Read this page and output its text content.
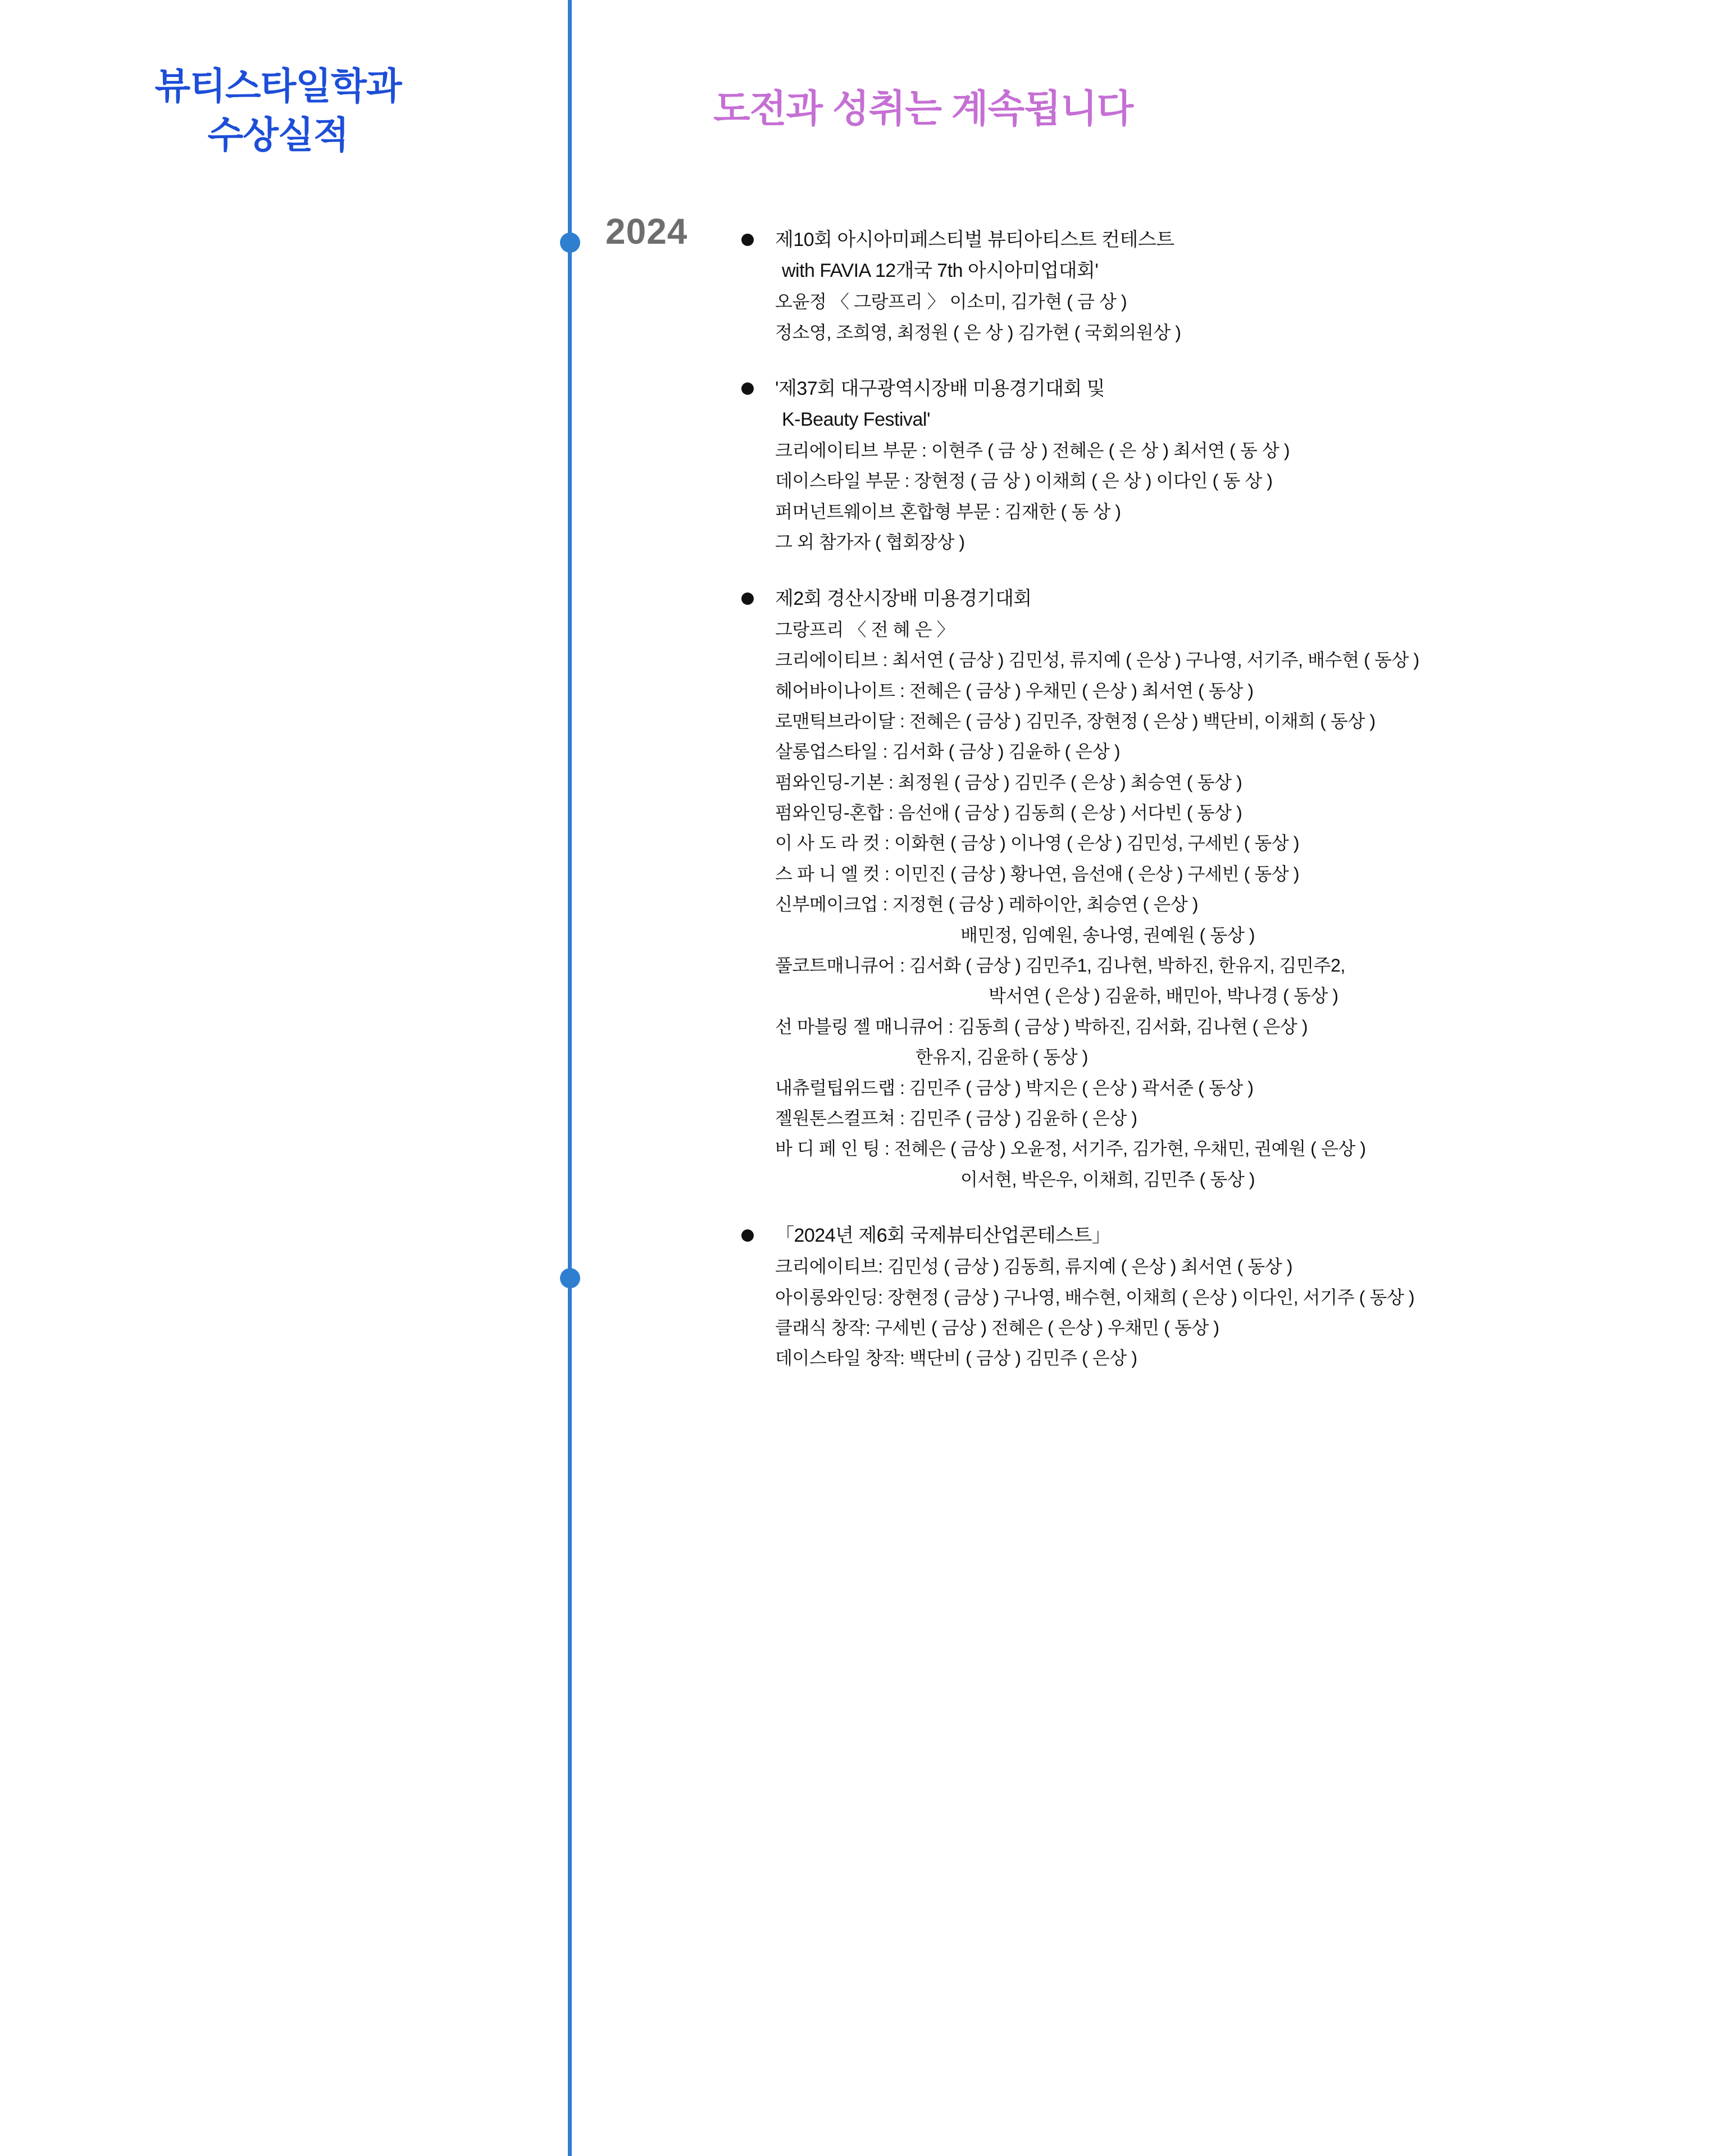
뷰티스타일학과
수상실적
도전과 성취는 계속됩니다
2024	제10회 아시아미페스티벌 뷰티아티스트 컨테스트
with FAVIA 12개국 7th 아시아미업대회'
오윤정 〈 그랑프리 〉 이소미, 김가현 ( 금 상 )
정소영, 조희영, 최정원 ( 은 상 ) 김가현 ( 국회의원상 )
'제37회 대구광역시장배 미용경기대회 및
K-Beauty Festival'
크리에이티브 부문 : 이현주 ( 금 상 ) 전혜은 ( 은 상 ) 최서연 ( 동 상 )
데이스타일 부문 : 장현정 ( 금 상 ) 이채희 ( 은 상 ) 이다인 ( 동 상 )
퍼머넌트웨이브 혼합형 부문 : 김재한 ( 동 상 )
그 외 참가자 ( 협회장상 )
제2회 경산시장배 미용경기대회
그랑프리 〈 전 혜 은 〉
크리에이티브 : 최서연 ( 금상 ) 김민성, 류지예 ( 은상 ) 구나영, 서기주, 배수현 ( 동상 )
헤어바이나이트 : 전혜은 ( 금상 ) 우채민 ( 은상 ) 최서연 ( 동상 )
로맨틱브라이달 : 전혜은 ( 금상 ) 김민주, 장현정 ( 은상 ) 백단비, 이채희 ( 동상 )
살롱업스타일 : 김서화 ( 금상 ) 김윤하 ( 은상 )
펌와인딩-기본 : 최정원 ( 금상 ) 김민주 ( 은상 ) 최승연 ( 동상 )
펌와인딩-혼합 : 음선애 ( 금상 ) 김동희 ( 은상 ) 서다빈 ( 동상 )
이 사 도 라 컷 : 이화현 ( 금상 ) 이나영 ( 은상 ) 김민성, 구세빈 ( 동상 )
스 파 니 엘 컷 : 이민진 ( 금상 ) 황나연, 음선애 ( 은상 ) 구세빈 ( 동상 )
신부메이크업 : 지정현 ( 금상 ) 레하이안, 최승연 ( 은상 )
배민정, 임예원, 송나영, 권예원 ( 동상 )
풀코트매니큐어 : 김서화 ( 금상 ) 김민주1, 김나현, 박하진, 한유지, 김민주2,
박서연 ( 은상 ) 김윤하, 배민아, 박나경 ( 동상 )
선 마블링 젤 매니큐어 : 김동희 ( 금상 ) 박하진, 김서화, 김나현 ( 은상 )
한유지, 김윤하 ( 동상 )
내츄럴팁위드랩 : 김민주 ( 금상 ) 박지은 ( 은상 ) 곽서준 ( 동상 )
젤원톤스컬프쳐 : 김민주 ( 금상 ) 김윤하 ( 은상 )
바 디 페 인 팅 : 전혜은 ( 금상 ) 오윤정, 서기주, 김가현, 우채민, 권예원 ( 은상 )
이서현, 박은우, 이채희, 김민주 ( 동상 )
「2024년 제6회 국제뷰티산업콘테스트」
크리에이티브: 김민성 ( 금상 ) 김동희, 류지예 ( 은상 ) 최서연 ( 동상 )
아이롱와인딩: 장현정 ( 금상 ) 구나영, 배수현, 이채희 ( 은상 ) 이다인, 서기주 ( 동상 )
클래식 창작: 구세빈 ( 금상 ) 전혜은 ( 은상 ) 우채민 ( 동상 )
데이스타일 창작: 백단비 ( 금상 ) 김민주 ( 은상 )
